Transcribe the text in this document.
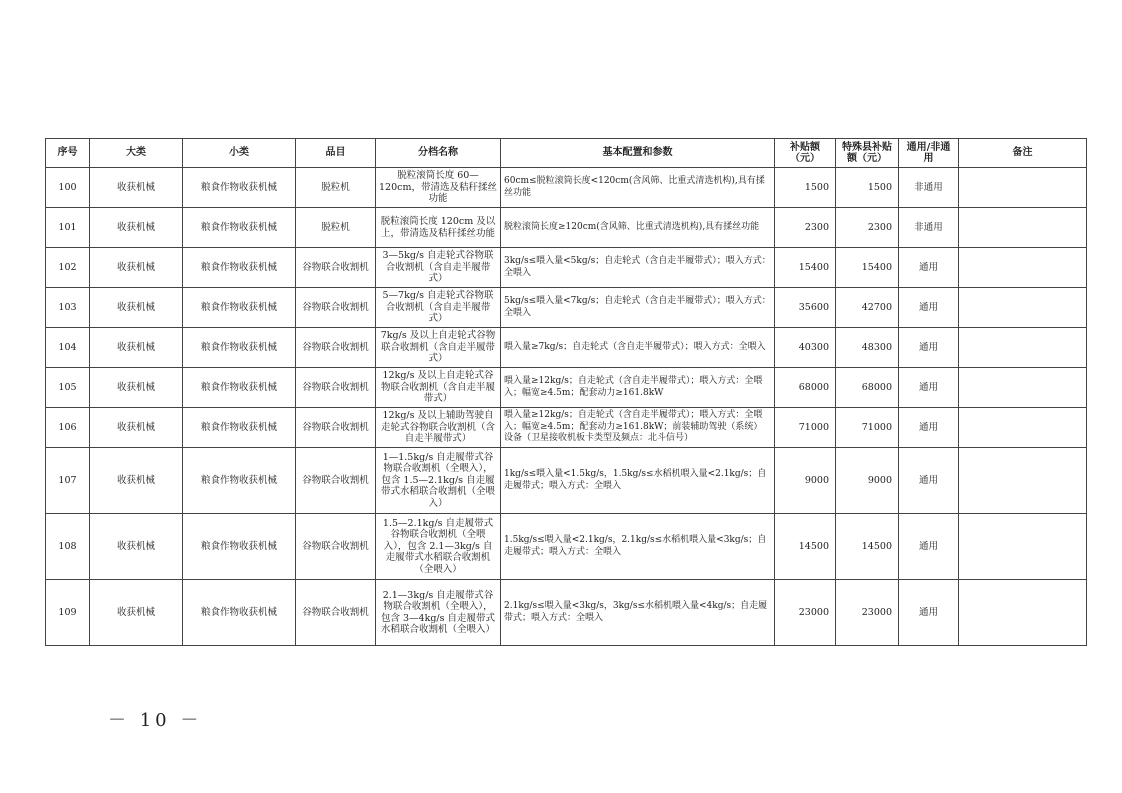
序号	大类	小类	品目	分档名称	基本配置和参数	补贴额（元）	特殊县补贴额（元）	通用/非通用	备注
100	收获机械	粮食作物收获机械	脱粒机	脱粒滚筒长度 60—120cm，带清选及秸秆揉丝功能	60cm≤脱粒滚筒长度<120cm(含风筛、比重式清选机构),具有揉丝功能	1500	1500	非通用	
101	收获机械	粮食作物收获机械	脱粒机	脱粒滚筒长度 120cm 及以上，带清选及秸秆揉丝功能	脱粒滚筒长度≥120cm(含风筛、比重式清选机构),具有揉丝功能	2300	2300	非通用	
102	收获机械	粮食作物收获机械	谷物联合收割机	3—5kg/s 自走轮式谷物联合收割机（含自走半履带式）	3kg/s≤喂入量<5kg/s；自走轮式（含自走半履带式）；喂入方式：全喂入	15400	15400	通用	
103	收获机械	粮食作物收获机械	谷物联合收割机	5—7kg/s 自走轮式谷物联合收割机（含自走半履带式）	5kg/s≤喂入量<7kg/s；自走轮式（含自走半履带式）；喂入方式：全喂入	35600	42700	通用	
104	收获机械	粮食作物收获机械	谷物联合收割机	7kg/s 及以上自走轮式谷物联合收割机（含自走半履带式）	喂入量≥7kg/s；自走轮式（含自走半履带式）；喂入方式：全喂入	40300	48300	通用	
105	收获机械	粮食作物收获机械	谷物联合收割机	12kg/s 及以上自走轮式谷物联合收割机（含自走半履带式）	喂入量≥12kg/s；自走轮式（含自走半履带式）；喂入方式：全喂入；幅宽≥4.5m；配套动力≥161.8kW	68000	68000	通用	
106	收获机械	粮食作物收获机械	谷物联合收割机	12kg/s 及以上辅助驾驶自走轮式谷物联合收割机（含自走半履带式）	喂入量≥12kg/s；自走轮式（含自走半履带式）；喂入方式：全喂入；幅宽≥4.5m；配套动力≥161.8kW；前装辅助驾驶（系统）设备（卫星接收机板卡类型及频点：北斗信号）	71000	71000	通用	
107	收获机械	粮食作物收获机械	谷物联合收割机	1—1.5kg/s 自走履带式谷物联合收割机（全喂入），包含 1.5—2.1kg/s 自走履带式水稻联合收割机（全喂入）	1kg/s≤喂入量<1.5kg/s，1.5kg/s≤水稻机喂入量<2.1kg/s；自走履带式；喂入方式：全喂入	9000	9000	通用	
108	收获机械	粮食作物收获机械	谷物联合收割机	1.5—2.1kg/s 自走履带式谷物联合收割机（全喂入），包含 2.1—3kg/s 自走履带式水稻联合收割机（全喂入）	1.5kg/s≤喂入量<2.1kg/s，2.1kg/s≤水稻机喂入量<3kg/s；自走履带式；喂入方式：全喂入	14500	14500	通用	
109	收获机械	粮食作物收获机械	谷物联合收割机	2.1—3kg/s 自走履带式谷物联合收割机（全喂入），包含 3—4kg/s 自走履带式水稻联合收割机（全喂入）	2.1kg/s≤喂入量<3kg/s，3kg/s≤水稻机喂入量<4kg/s；自走履带式；喂入方式：全喂入	23000	23000	通用	
－ 10 －
